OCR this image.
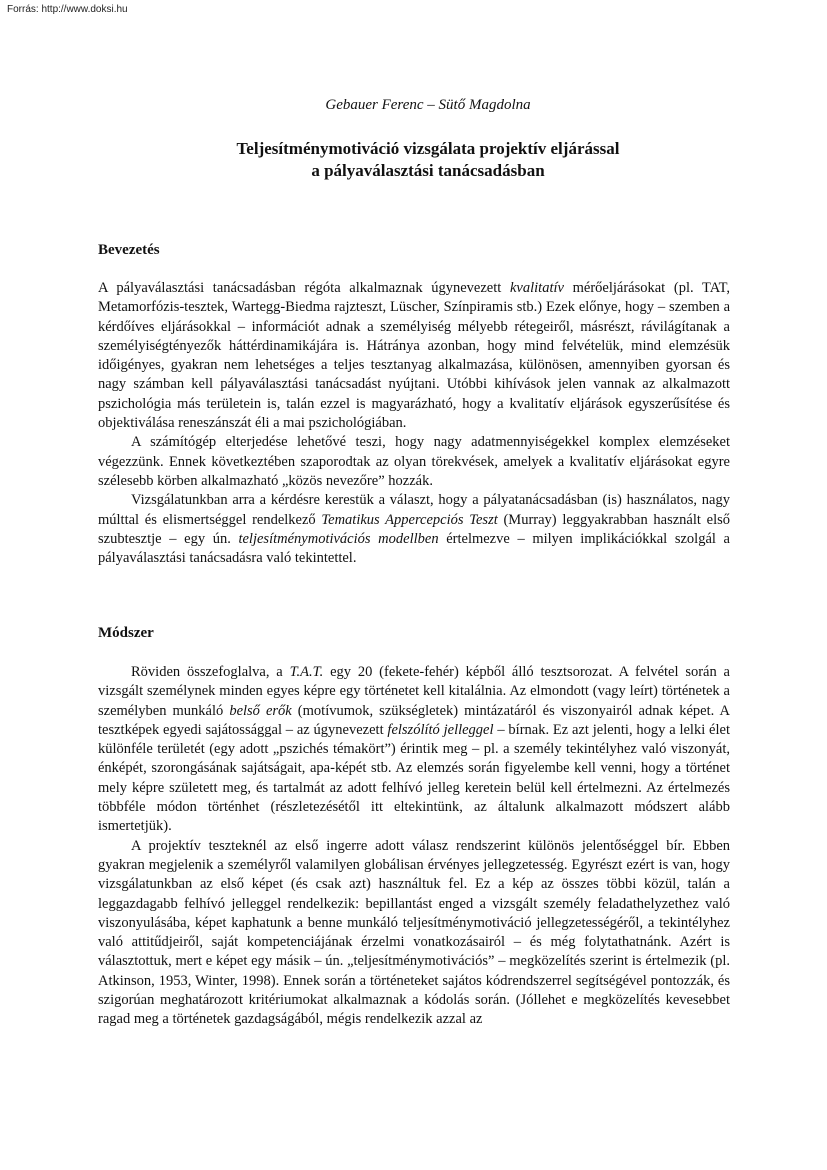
Forrás: http://www.doksi.hu
Gebauer Ferenc – Sütő Magdolna
Teljesítménymotiváció vizsgálata projektív eljárással
a pályaválasztási tanácsadásban
Bevezetés

A pályaválasztási tanácsadásban régóta alkalmaznak úgynevezett kvalitatív mérőeljárásokat (pl. TAT, Metamorfózis-tesztek, Wartegg-Biedma rajzteszt, Lüscher, Színpiramis stb.) Ezek előnye, hogy – szemben a kérdőíves eljárásokkal – információt adnak a személyiség mélyebb rétegeiről, másrészt, rávilágítanak a személyiségtényezők háttérdinamikájára is. Hátránya azonban, hogy mind felvételük, mind elemzésük időigényes, gyakran nem lehetséges a teljes tesztanyag alkalmazása, különösen, amennyiben gyorsan és nagy számban kell pályaválasztási tanácsadást nyújtani. Utóbbi kihívások jelen vannak az alkalmazott pszichológia más területein is, talán ezzel is magyarázható, hogy a kvalitatív eljárások egyszerűsítése és objektiválása reneszánszát éli a mai pszichológiában.

A számítógép elterjedése lehetővé teszi, hogy nagy adatmennyiségekkel komplex elemzéseket végezzünk. Ennek következtében szaporodtak az olyan törekvések, amelyek a kvalitatív eljárásokat egyre szélesebb körben alkalmazható „közös nevezőre” hozzák.

Vizsgálatunkban arra a kérdésre kerestük a választ, hogy a pályatanácsadásban (is) használatos, nagy múlttal és elismertséggel rendelkező Tematikus Appercepciós Teszt (Murray) leggyakrabban használt első szubtesztje – egy ún. teljesítménymotivációs modellben értelmezve – milyen implikációkkal szolgál a pályaválasztási tanácsadásra való tekintettel.

Módszer

Röviden összefoglalva, a T.A.T. egy 20 (fekete-fehér) képből álló tesztsorozat. A felvétel során a vizsgált személynek minden egyes képre egy történetet kell kitalálnia. Az elmondott (vagy leírt) történetek a személyben munkáló belső erők (motívumok, szükségletek) mintázatáról és viszonyairól adnak képet. A tesztképek egyedi sajátossággal – az úgynevezett felszólító jelleggel – bírnak. Ez azt jelenti, hogy a lelki élet különféle területét (egy adott „pszichés témakört”) érintik meg – pl. a személy tekintélyhez való viszonyát, énképét, szorongásának sajátságait, apa-képét stb. Az elemzés során figyelembe kell venni, hogy a történet mely képre született meg, és tartalmát az adott felhívó jelleg keretein belül kell értelmezni. Az értelmezés többféle módon történhet (részletezésétől itt eltekintünk, az általunk alkalmazott módszert alább ismertetjük).

A projektív teszteknél az első ingerre adott válasz rendszerint különös jelentőséggel bír. Ebben gyakran megjelenik a személyről valamilyen globálisan érvényes jellegzetesség. Egyrészt ezért is van, hogy vizsgálatunkban az első képet (és csak azt) használtuk fel. Ez a kép az összes többi közül, talán a leggazdagabb felhívó jelleggel rendelkezik: bepillantást enged a vizsgált személy feladathelyzethez való viszonyulásába, képet kaphatunk a benne munkáló teljesítménymotiváció jellegzetességéről, a tekintélyhez való attitűdjeiről, saját kompetenciájának érzelmi vonatkozásairól – és még folytathatnánk. Azért is választottuk, mert e képet egy másik – ún. „teljesítménymotivációs” – megközelítés szerint is értelmezik (pl. Atkinson, 1953, Winter, 1998). Ennek során a történeteket sajátos kódrendszerrel segítségével pontozzák, és szigorúan meghatározott kritériumokat alkalmaznak a kódolás során. (Jóllehet e megközelítés kevesebbet ragad meg a történetek gazdagságából, mégis rendelkezik azzal az
